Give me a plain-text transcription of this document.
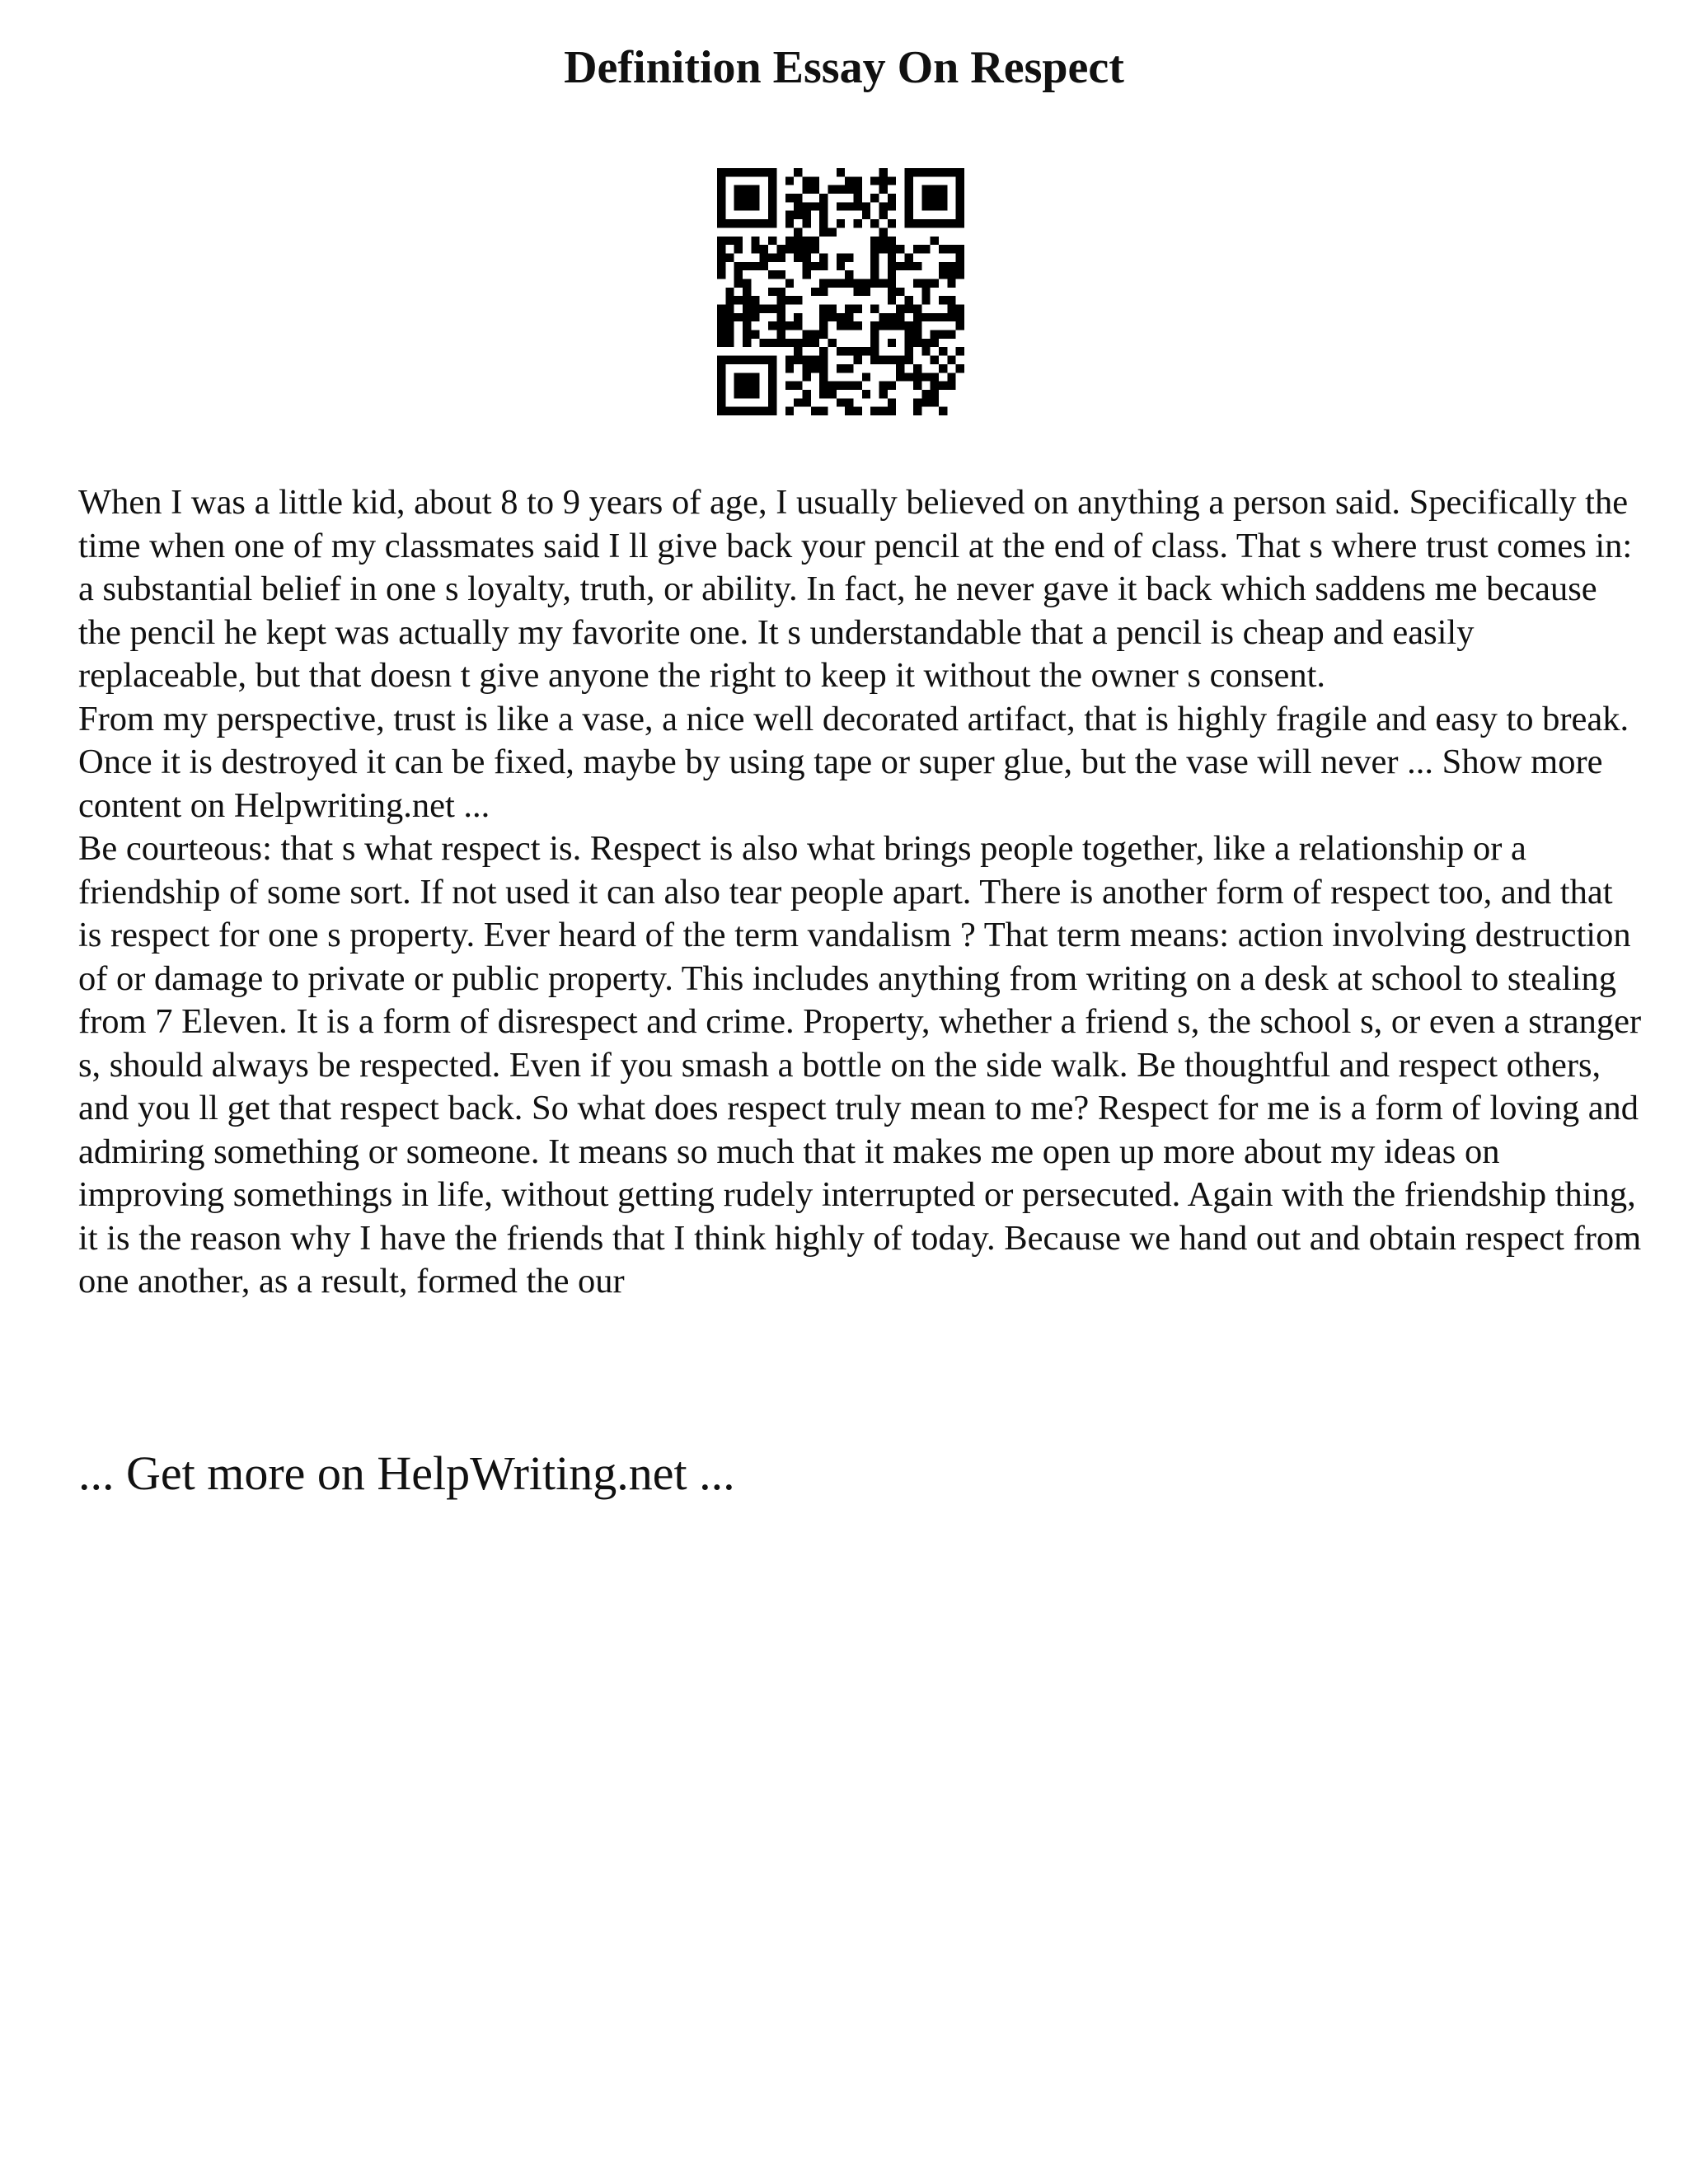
Definition Essay On Respect

When I was a little kid, about 8 to 9 years of age, I usually believed on anything a person said. Specifically the time when one of my classmates said I ll give back your pencil at the end of class. That s where trust comes in: a substantial belief in one s loyalty, truth, or ability. In fact, he never gave it back which saddens me because the pencil he kept was actually my favorite one. It s understandable that a pencil is cheap and easily replaceable, but that doesn t give anyone the right to keep it without the owner s consent.

From my perspective, trust is like a vase, a nice well decorated artifact, that is highly fragile and easy to break. Once it is destroyed it can be fixed, maybe by using tape or super glue, but the vase will never ... Show more content on Helpwriting.net ...

Be courteous: that s what respect is. Respect is also what brings people together, like a relationship or a friendship of some sort. If not used it can also tear people apart. There is another form of respect too, and that is respect for one s property. Ever heard of the term vandalism ? That term means: action involving destruction of or damage to private or public property. This includes anything from writing on a desk at school to stealing from 7 Eleven. It is a form of disrespect and crime. Property, whether a friend s, the school s, or even a stranger s, should always be respected. Even if you smash a bottle on the side walk. Be thoughtful and respect others, and you ll get that respect back. So what does respect truly mean to me? Respect for me is a form of loving and admiring something or someone. It means so much that it makes me open up more about my ideas on improving somethings in life, without getting rudely interrupted or persecuted. Again with the friendship thing, it is the reason why I have the friends that I think highly of today. Because we hand out and obtain respect from one another, as a result, formed the our

... Get more on HelpWriting.net ...
